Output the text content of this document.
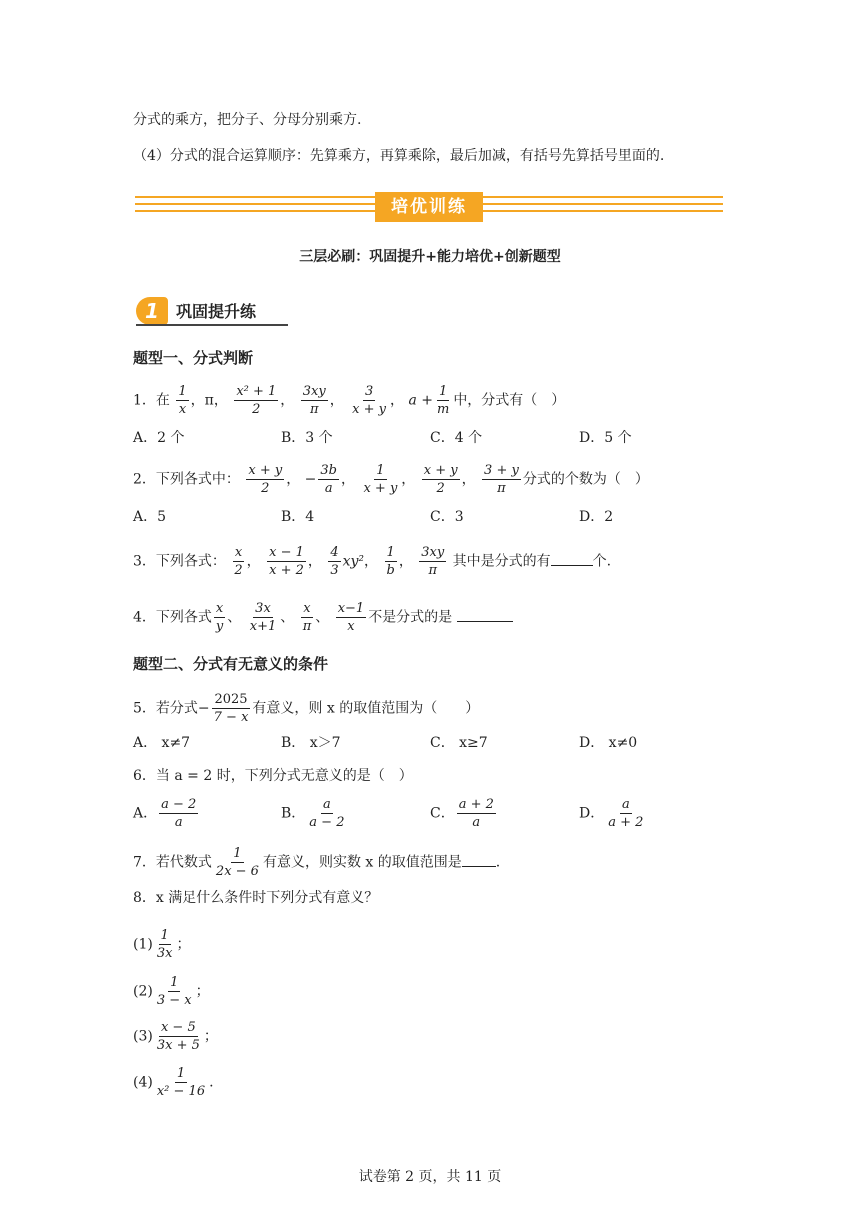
分式的乘方，把分子、分母分别乘方.
（4）分式的混合运算顺序：先算乘方，再算乘除，最后加减，有括号先算括号里面的.
培优训练
三层必刷：巩固提升+能力培优+创新题型
1	巩固提升练
题型一、分式判断
1．在 $\frac{1}{x}$ ，π， $\frac{\text{x² + 1}}{2}$ ， $\frac{3xy}{\pi}$ ， $\frac{3}{x + y}$ ， $a + \frac{1}{m}$ 中，分式有（　）
A．2 个	B．3 个	C．4 个	D．5 个
2．下列各式中： $\frac{x + y}{2}$ ， − $\frac{3b}{a}$ ， $\frac{1}{x + y}$ ， $\frac{x + y}{2}$ ， $\frac{3 + y}{\pi}$ 分式的个数为（　）
A．5	B．4	C．3	D．2
3．下列各式： $\frac{x}{2}$ ， $\frac{x - 1}{x + 2}$ ， $\frac{4}{3} xy^2$， $\frac{1}{b}$ ， $\frac{3xy}{\pi}$ 其中是分式的有	个.
4．下列各式 $\frac{x}{y}$ 、 $\frac{3x}{x+1}$ 、 $\frac{x}{\pi}$ 、 $\frac{x-1}{x}$ 不是分式的是
题型二、分式有无意义的条件
5．若分式− $\frac{2025}{7 - x}$ 有意义，则 x 的取值范围为（　　）
A． x≠7	B． x＞7	C． x≥7	D． x≠0
6．当 a = 2 时，下列分式无意义的是（　）
A． $\frac{a - 2}{a}$	B． $\frac{a}{a - 2}$	C． $\frac{a + 2}{a}$	D． $\frac{a}{a + 2}$
7．若代数式 $\frac{1}{2x - 6}$ 有意义，则实数 x 的取值范围是 .
8．x 满足什么条件时下列分式有意义？
$(1) \frac{1}{3x}$ ；
$(2) \frac{1}{3 - x}$ ；
$(3) \frac{x - 5}{3x + 5}$ ；
$(4) \frac{1}{\text{x² − 16}}$ .
试卷第 2 页，共 11 页
